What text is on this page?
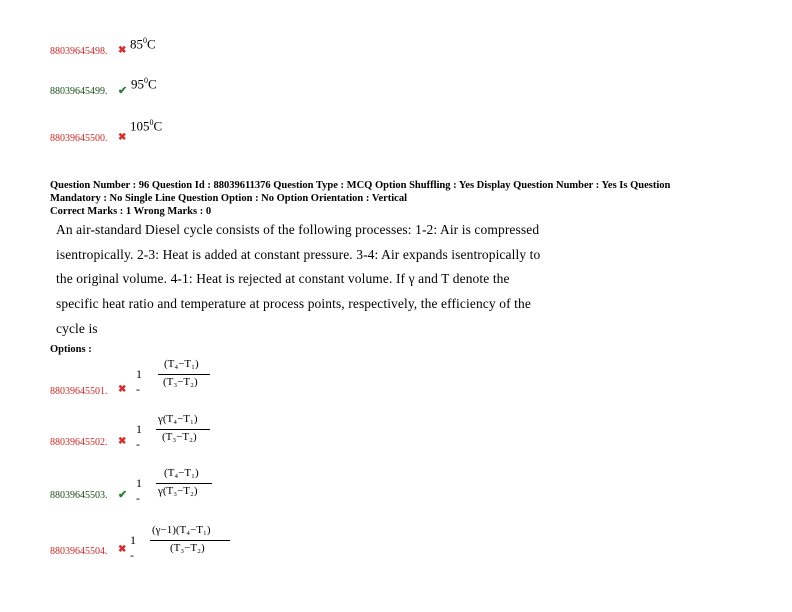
88039645498. ✖ $85^0C$
88039645499. ✔ $95^0C$
88039645500. ✖
$105^0C$
Question Number : 96 Question Id : 88039611376 Question Type : MCQ Option Shuffling : Yes Display Question Number : Yes Is Question
Mandatory : No Single Line Question Option : No Option Orientation : Vertical
Correct Marks : 1 Wrong Marks : 0
An air-standard Diesel cycle consists of the following processes: 1-2: Air is compressed
isentropically. 2-3: Heat is added at constant pressure. 3-4: Air expands isentropically to
the original volume. 4-1: Heat is rejected at constant volume. If γ and T denote the
specific heat ratio and temperature at process points, respectively, the efficiency of the
cycle is
Options :
88039645501. ✖
1 -
(T₄−T₁)
(T₃−T₂)
88039645502. ✖
1 -
γ(T₄−T₁)
(T₃−T₂)
88039645503. ✔
1 -
(T₄−T₁)
γ(T₃−T₂)
88039645504. ✖
1 -
(γ−1)(T₄−T₁)
(T₃−T₂)
